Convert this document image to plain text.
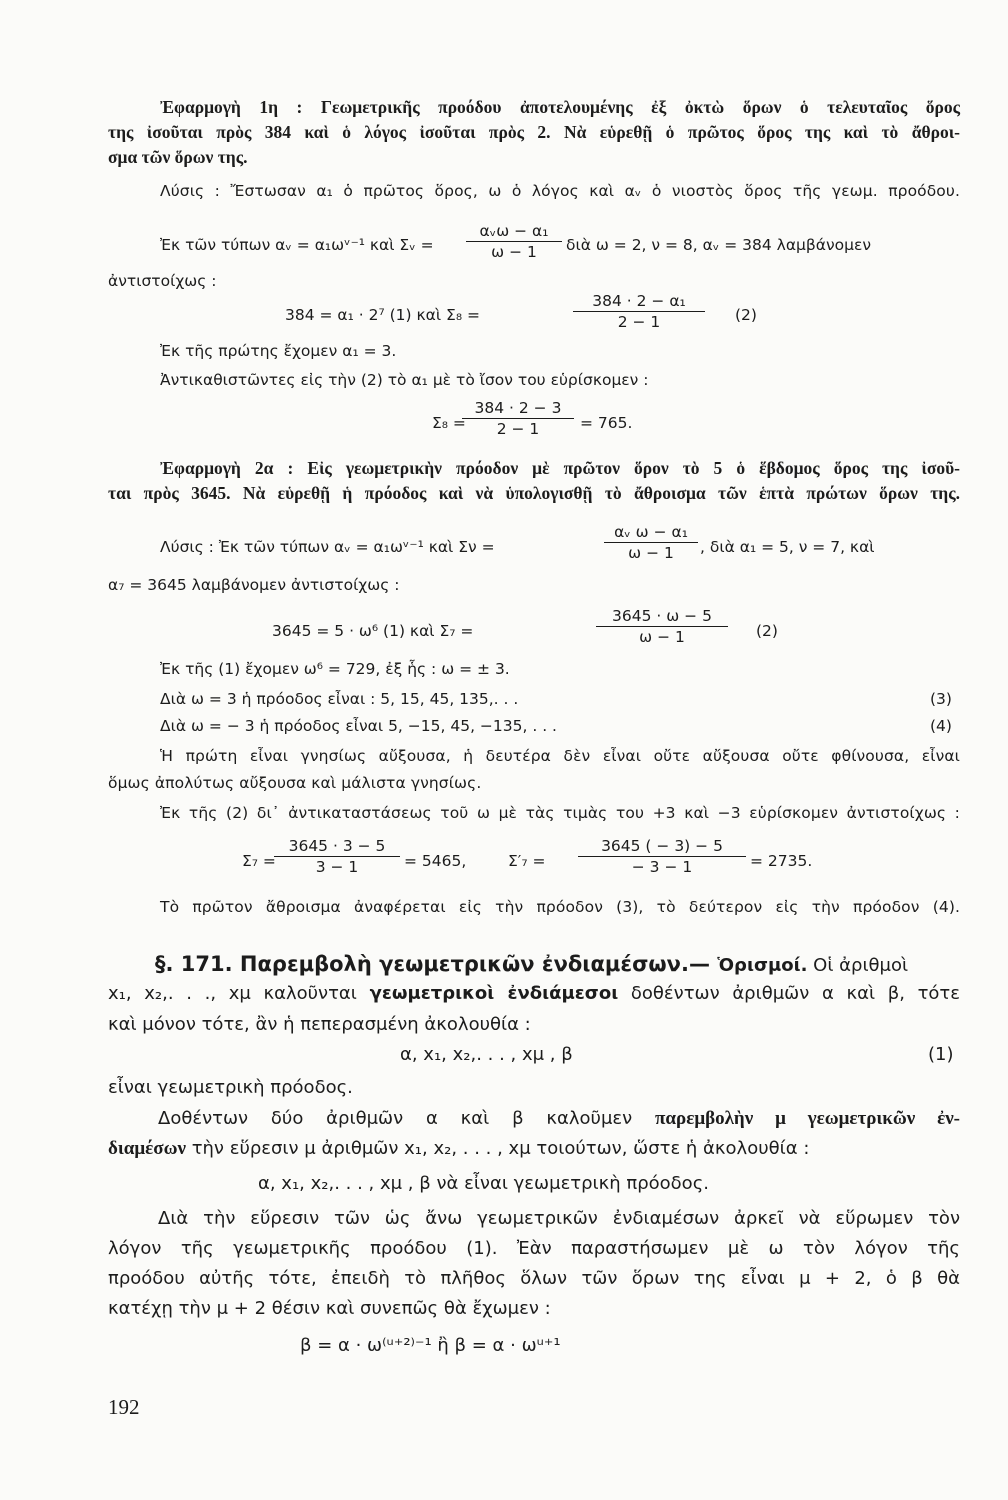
Ἐφαρμογὴ 1η : Γεωμετρικῆς προόδου ἀποτελουμένης ἐξ ὀκτὼ ὅρων ὁ τελευταῖος ὅρος
της ἰσοῦται πρὸς 384 καὶ ὁ λόγος ἰσοῦται πρὸς 2. Νὰ εὑρεθῇ ὁ πρῶτος ὅρος της καὶ τὸ ἄθροι-
σμα τῶν ὅρων της.
Λύσις : Ἔστωσαν α₁ ὁ πρῶτος ὅρος, ω ὁ λόγος καὶ αᵥ ὁ νιοστὸς ὅρος τῆς γεωμ. προόδου.
Ἐκ τῶν τύπων αᵥ = α₁ωᵛ⁻¹ καὶ Σᵥ =
αᵥω − α₁
ω − 1	διὰ ω = 2, ν = 8, αᵥ = 384 λαμβάνομεν
ἀντιστοίχως :
384 = α₁ · 2⁷ (1) καὶ Σ₈ =	$\frac{\text{384 · 2 − α₁}}{2 - 1} (2)$
Ἐκ τῆς πρώτης ἔχομεν α₁ = 3.
Ἀντικαθιστῶντες εἰς τὴν (2) τὸ α₁ μὲ τὸ ἴσον του εὑρίσκομεν :
Σ₈ =
$\frac{384 \cdot 2 - 3}{2 - 1} = 765$.
Ἐφαρμογὴ 2α : Εἰς γεωμετρικὴν πρόοδον μὲ πρῶτον ὅρον τὸ 5 ὁ ἕβδομος ὅρος της ἰσοῦ-
ται πρὸς 3645. Νὰ εὑρεθῇ ἡ πρόοδος καὶ νὰ ὑπολογισθῇ τὸ ἄθροισμα τῶν ἑπτὰ πρώτων ὅρων της.
Λύσις : Ἐκ τῶν τύπων αᵥ = α₁ωᵛ⁻¹ καὶ Σν =	$\frac{\text{αᵥ ω − α₁}}{\omega - 1}$ , διὰ α₁ = 5, ν = 7, καὶ
α₇ = 3645 λαμβάνομεν ἀντιστοίχως :
3645 = 5 · ω⁶ (1) καὶ Σ₇ =	$\frac{3645 \cdot \omega - 5}{\omega - 1} (2)$
Ἐκ τῆς (1) ἔχομεν ω⁶ = 729, ἐξ ἧς : ω = ± 3.
Διὰ ω = 3 ἡ πρόοδος εἶναι : 5, 15, 45, 135,. . .	(3)
Διὰ ω = − 3 ἡ πρόοδος εἶναι 5, −15, 45, −135, . . .	(4)
Ἡ πρώτη εἶναι γνησίως αὔξουσα, ἡ δευτέρα δὲν εἶναι οὔτε αὔξουσα οὔτε φθίνουσα, εἶναι
ὅμως ἀπολύτως αὔξουσα καὶ μάλιστα γνησίως.
Ἐκ τῆς (2) δι᾽ ἀντικαταστάσεως τοῦ ω μὲ τὰς τιμὰς του +3 καὶ −3 εὑρίσκομεν ἀντιστοίχως :
Σ₇ =
$\frac{3645 \cdot 3 - 5}{3 - 1} = 5465$,	$\Sigma'_7 = \frac{3645 ( - 3) - 5}{- 3 - 1} = 2735$.
Τὸ πρῶτον ἄθροισμα ἀναφέρεται εἰς τὴν πρόοδον (3), τὸ δεύτερον εἰς τὴν πρόοδον (4).
§. 171. Παρεμβολὴ γεωμετρικῶν ἐνδιαμέσων.— Ὁρισμοί. Οἱ ἀριθμοὶ
x₁, x₂,. . ., xμ καλοῦνται γεωμετρικοὶ ἐνδιάμεσοι δοθέντων ἀριθμῶν α καὶ β, τότε
καὶ μόνον τότε, ἂν ἡ πεπερασμένη ἀκολουθία :
α, x₁, x₂,. . . , xμ , β	(1)
εἶναι γεωμετρικὴ πρόοδος.
Δοθέντων δύο ἀριθμῶν α καὶ β καλοῦμεν παρεμβολὴν μ γεωμετρικῶν ἐν-
διαμέσων τὴν εὕρεσιν μ ἀριθμῶν x₁, x₂, . . . , xμ τοιούτων, ὥστε ἡ ἀκολουθία :
α, x₁, x₂,. . . , xμ , β νὰ εἶναι γεωμετρικὴ πρόοδος.
Διὰ τὴν εὕρεσιν τῶν ὡς ἄνω γεωμετρικῶν ἐνδιαμέσων ἀρκεῖ νὰ εὕρωμεν τὸν
λόγον τῆς γεωμετρικῆς προόδου (1). Ἐὰν παραστήσωμεν μὲ ω τὸν λόγον τῆς
προόδου αὐτῆς τότε, ἐπειδὴ τὸ πλῆθος ὅλων τῶν ὅρων της εἶναι μ + 2, ὁ β θὰ
κατέχῃ τὴν μ + 2 θέσιν καὶ συνεπῶς θὰ ἔχωμεν :
β = α · ω⁽ᵘ⁺²⁾⁻¹ ἢ β = α · ωᵘ⁺¹
192
